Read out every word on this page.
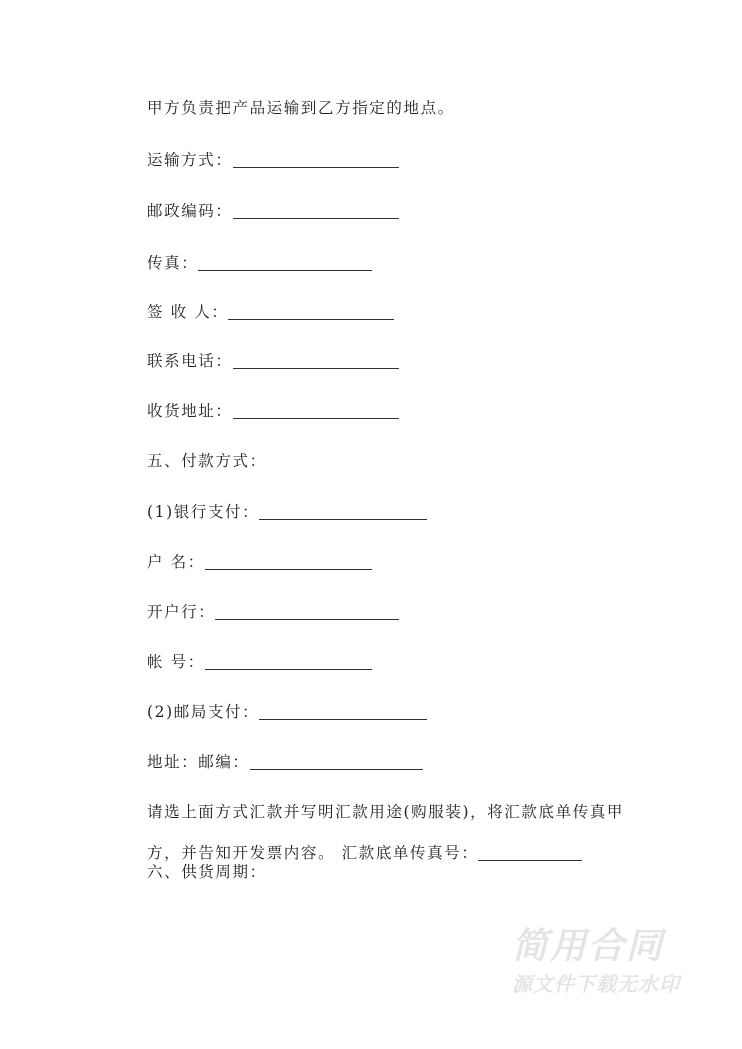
甲方负责把产品运输到乙方指定的地点。
运输方式：
邮政编码：
传真：
签 收 人：
联系电话：
收货地址：
五、付款方式：
(1)银行支付：
户 名：
开户行：
帐 号：
(2)邮局支付：
地址：邮编：
请选上面方式汇款并写明汇款用途(购服装)，将汇款底单传真甲
方，并告知开发票内容。 汇款底单传真号：
六、供货周期：
简用合同
源文件下载无水印
